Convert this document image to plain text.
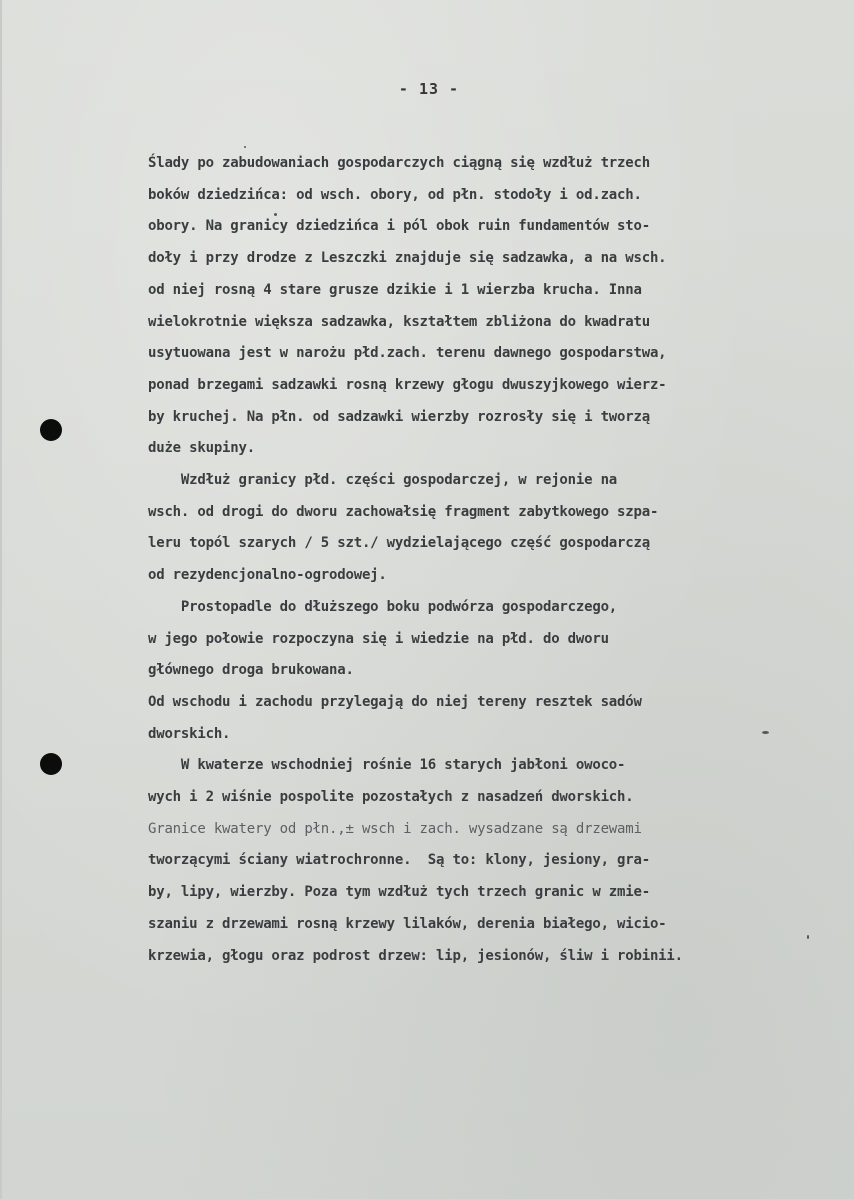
- 13 -

Ślady po zabudowaniach gospodarczych ciągną się wzdłuż trzech
boków dziedzińca: od wsch. obory, od płn. stodoły i od.zach.
obory. Na granicy dziedzińca i pól obok ruin fundamentów sto-
doły i przy drodze z Leszczki znajduje się sadzawka, a na wsch.
od niej rosną 4 stare grusze dzikie i 1 wierzba krucha. Inna
wielokrotnie większa sadzawka, kształtem zbliżona do kwadratu
usytuowana jest w narożu płd.zach. terenu dawnego gospodarstwa,
ponad brzegami sadzawki rosną krzewy głogu dwuszyjkowego wierz-
by kruchej. Na płn. od sadzawki wierzby rozrosły się i tworzą
duże skupiny.
Wzdłuż granicy płd. części gospodarczej, w rejonie na
wsch. od drogi do dworu zachowałsię fragment zabytkowego szpa-
leru topól szarych / 5 szt./ wydzielającego część gospodarczą
od rezydencjonalno-ogrodowej.
Prostopadle do dłuższego boku podwórza gospodarczego,
w jego połowie rozpoczyna się i wiedzie na płd. do dworu
głównego droga brukowana.
Od wschodu i zachodu przylegają do niej tereny resztek sadów
dworskich.
W kwaterze wschodniej rośnie 16 starych jabłoni owoco-
wych i 2 wiśnie pospolite pozostałych z nasadzeń dworskich.
Granice kwatery od płn.,± wsch i zach. wysadzane są drzewami
tworzącymi ściany wiatrochronne.  Są to: klony, jesiony, gra-
by, lipy, wierzby. Poza tym wzdłuż tych trzech granic w zmie-
szaniu z drzewami rosną krzewy lilaków, derenia białego, wicio-
krzewia, głogu oraz podrost drzew: lip, jesionów, śliw i robinii.
